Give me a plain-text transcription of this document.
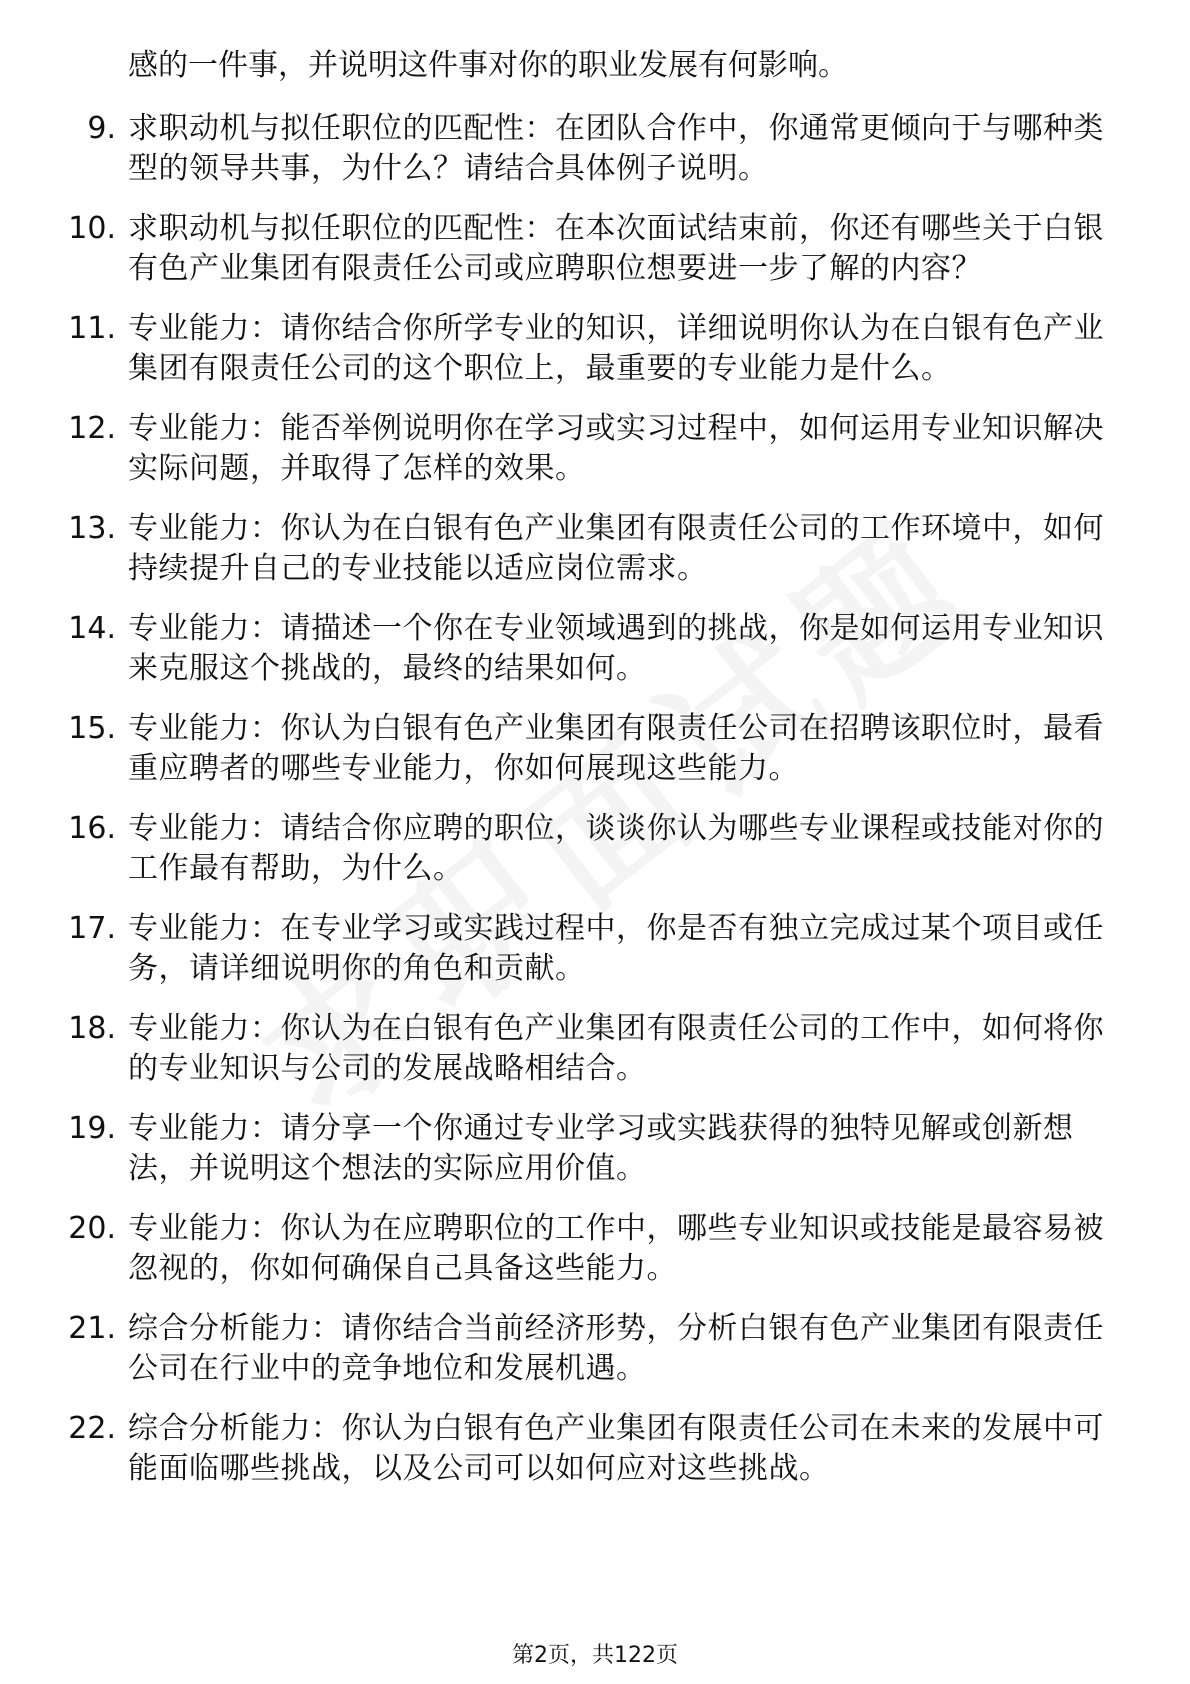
感的一件事，并说明这件事对你的职业发展有何影响。
9. 求职动机与拟任职位的匹配性：在团队合作中，你通常更倾向于与哪种类型的领导共事，为什么？请结合具体例子说明。
10. 求职动机与拟任职位的匹配性：在本次面试结束前，你还有哪些关于白银有色产业集团有限责任公司或应聘职位想要进一步了解的内容？
11. 专业能力：请你结合你所学专业的知识，详细说明你认为在白银有色产业集团有限责任公司的这个职位上，最重要的专业能力是什么。
12. 专业能力：能否举例说明你在学习或实习过程中，如何运用专业知识解决实际问题，并取得了怎样的效果。
13. 专业能力：你认为在白银有色产业集团有限责任公司的工作环境中，如何持续提升自己的专业技能以适应岗位需求。
14. 专业能力：请描述一个你在专业领域遇到的挑战，你是如何运用专业知识来克服这个挑战的，最终的结果如何。
15. 专业能力：你认为白银有色产业集团有限责任公司在招聘该职位时，最看重应聘者的哪些专业能力，你如何展现这些能力。
16. 专业能力：请结合你应聘的职位，谈谈你认为哪些专业课程或技能对你的工作最有帮助，为什么。
17. 专业能力：在专业学习或实践过程中，你是否有独立完成过某个项目或任务，请详细说明你的角色和贡献。
18. 专业能力：你认为在白银有色产业集团有限责任公司的工作中，如何将你的专业知识与公司的发展战略相结合。
19. 专业能力：请分享一个你通过专业学习或实践获得的独特见解或创新想法，并说明这个想法的实际应用价值。
20. 专业能力：你认为在应聘职位的工作中，哪些专业知识或技能是最容易被忽视的，你如何确保自己具备这些能力。
21. 综合分析能力：请你结合当前经济形势，分析白银有色产业集团有限责任公司在行业中的竞争地位和发展机遇。
22. 综合分析能力：你认为白银有色产业集团有限责任公司在未来的发展中可能面临哪些挑战，以及公司可以如何应对这些挑战。
第2页，共122页
